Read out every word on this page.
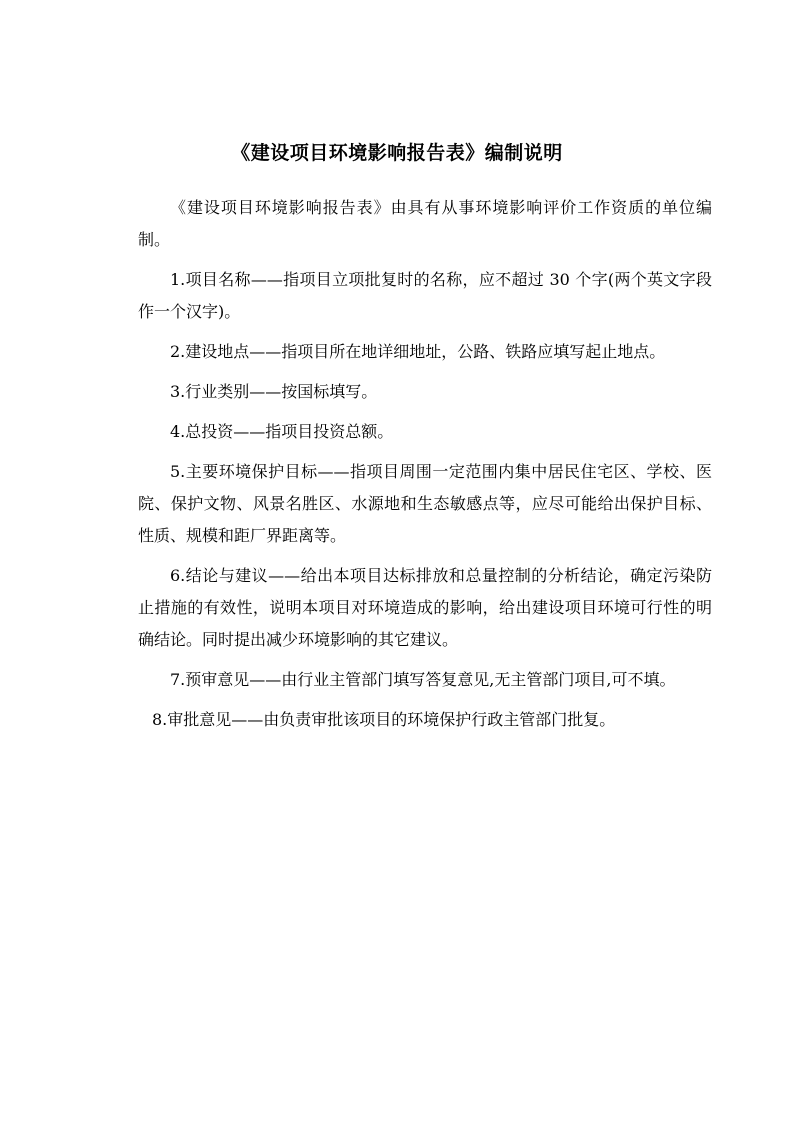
《建设项目环境影响报告表》编制说明

《建设项目环境影响报告表》由具有从事环境影响评价工作资质的单位编制。

1.项目名称——指项目立项批复时的名称，应不超过 30 个字(两个英文字段作一个汉字)。

2.建设地点——指项目所在地详细地址，公路、铁路应填写起止地点。

3.行业类别——按国标填写。

4.总投资——指项目投资总额。

5.主要环境保护目标——指项目周围一定范围内集中居民住宅区、学校、医院、保护文物、风景名胜区、水源地和生态敏感点等，应尽可能给出保护目标、性质、规模和距厂界距离等。

6.结论与建议——给出本项目达标排放和总量控制的分析结论，确定污染防止措施的有效性，说明本项目对环境造成的影响，给出建设项目环境可行性的明确结论。同时提出减少环境影响的其它建议。

7.预审意见——由行业主管部门填写答复意见,无主管部门项目,可不填。

8.审批意见——由负责审批该项目的环境保护行政主管部门批复。
